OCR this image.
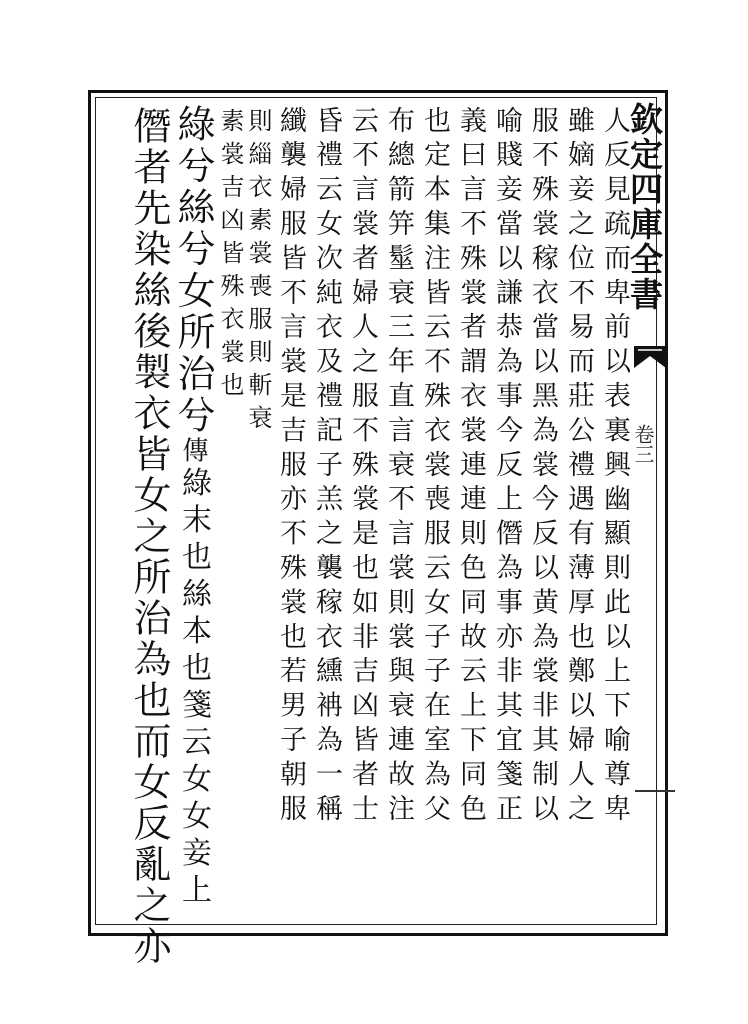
欽定四庫全書
卷三
人反見疏而卑前以表裏興幽顯則此以上下喻尊卑
雖嫡妾之位不易而莊公禮遇有薄厚也鄭以婦人之
服不殊裳稼衣當以黑為裳今反以黄為裳非其制以
喻賤妾當以謙恭為事今反上僭為事亦非其宜箋正
義曰言不殊裳者謂衣裳連連則色同故云上下同色
也定本集注皆云不殊衣裳喪服云女子子在室為父
布總箭笄髽衰三年直言衰不言裳則裳與衰連故注
云不言裳者婦人之服不殊裳是也如非吉凶皆者士
昏禮云女次純衣及禮記子羔之襲稼衣纁袡為一稱
纖襲婦服皆不言裳是吉服亦不殊裳也若男子朝服
則緇衣素裳喪服則斬衰
綠兮絲兮女所治兮傳綠末也絲本也箋云女女妾上
僭者先染絲後製衣皆女之所治為也而女反亂之亦 素裳吉凶皆殊衣裳也
